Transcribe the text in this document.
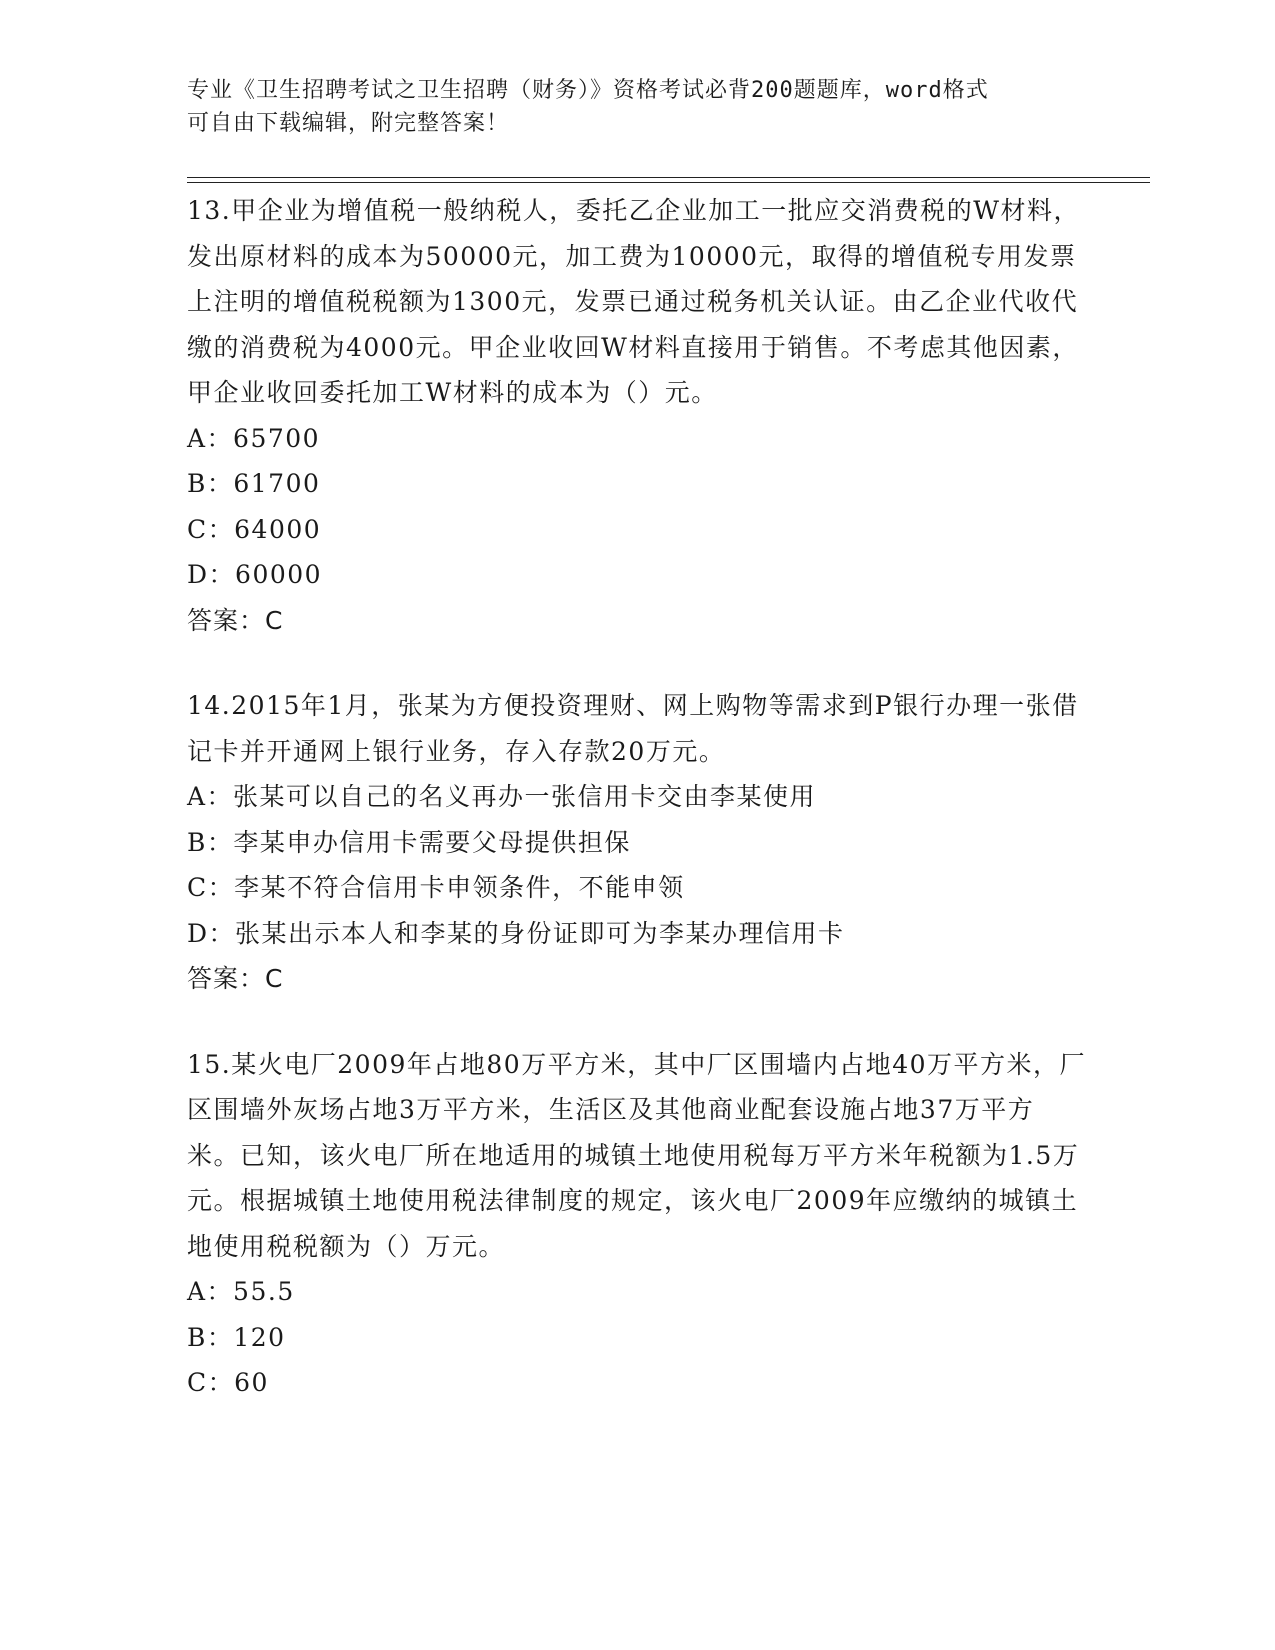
专业《卫生招聘考试之卫生招聘（财务）》资格考试必背200题题库，word格式
可自由下载编辑，附完整答案！

13.甲企业为增值税一般纳税人，委托乙企业加工一批应交消费税的W材料，发出原材料的成本为50000元，加工费为10000元，取得的增值税专用发票上注明的增值税税额为1300元，发票已通过税务机关认证。由乙企业代收代缴的消费税为4000元。甲企业收回W材料直接用于销售。不考虑其他因素，甲企业收回委托加工W材料的成本为（）元。

A：65700
B：61700
C：64000
D：60000
答案：C

14.2015年1月，张某为方便投资理财、网上购物等需求到P银行办理一张借记卡并开通网上银行业务，存入存款20万元。

A：张某可以自己的名义再办一张信用卡交由李某使用
B：李某申办信用卡需要父母提供担保
C：李某不符合信用卡申领条件，不能申领
D：张某出示本人和李某的身份证即可为李某办理信用卡
答案：C

15.某火电厂2009年占地80万平方米，其中厂区围墙内占地40万平方米，厂区围墙外灰场占地3万平方米，生活区及其他商业配套设施占地37万平方米。已知，该火电厂所在地适用的城镇土地使用税每万平方米年税额为1.5万元。根据城镇土地使用税法律制度的规定，该火电厂2009年应缴纳的城镇土地使用税税额为（）万元。

A：55.5
B：120
C：60
